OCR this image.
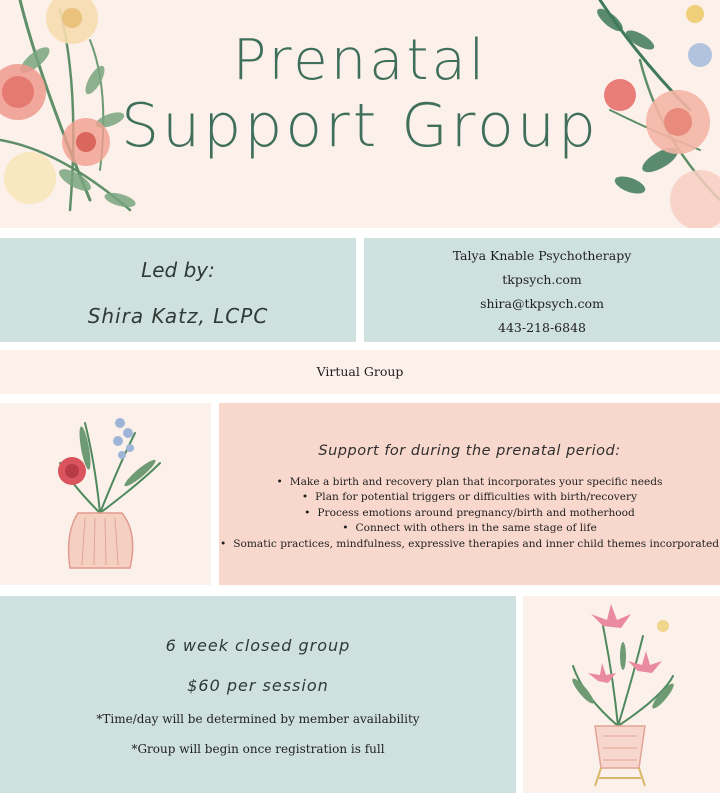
Prenatal
Support Group
Led by:
Shira Katz, LCPC
Talya Knable Psychotherapy
tkpsych.com
shira@tkpsych.com
443-218-6848
Virtual Group
Support for during the prenatal period:
• Make a birth and recovery plan that incorporates your specific needs
• Plan for potential triggers or difficulties with birth/recovery
• Process emotions around pregnancy/birth and motherhood
• Connect with others in the same stage of life
• Somatic practices, mindfulness, expressive therapies and inner child themes incorporated
6 week closed group
$60 per session
*Time/day will be determined by member availability
*Group will begin once registration is full
